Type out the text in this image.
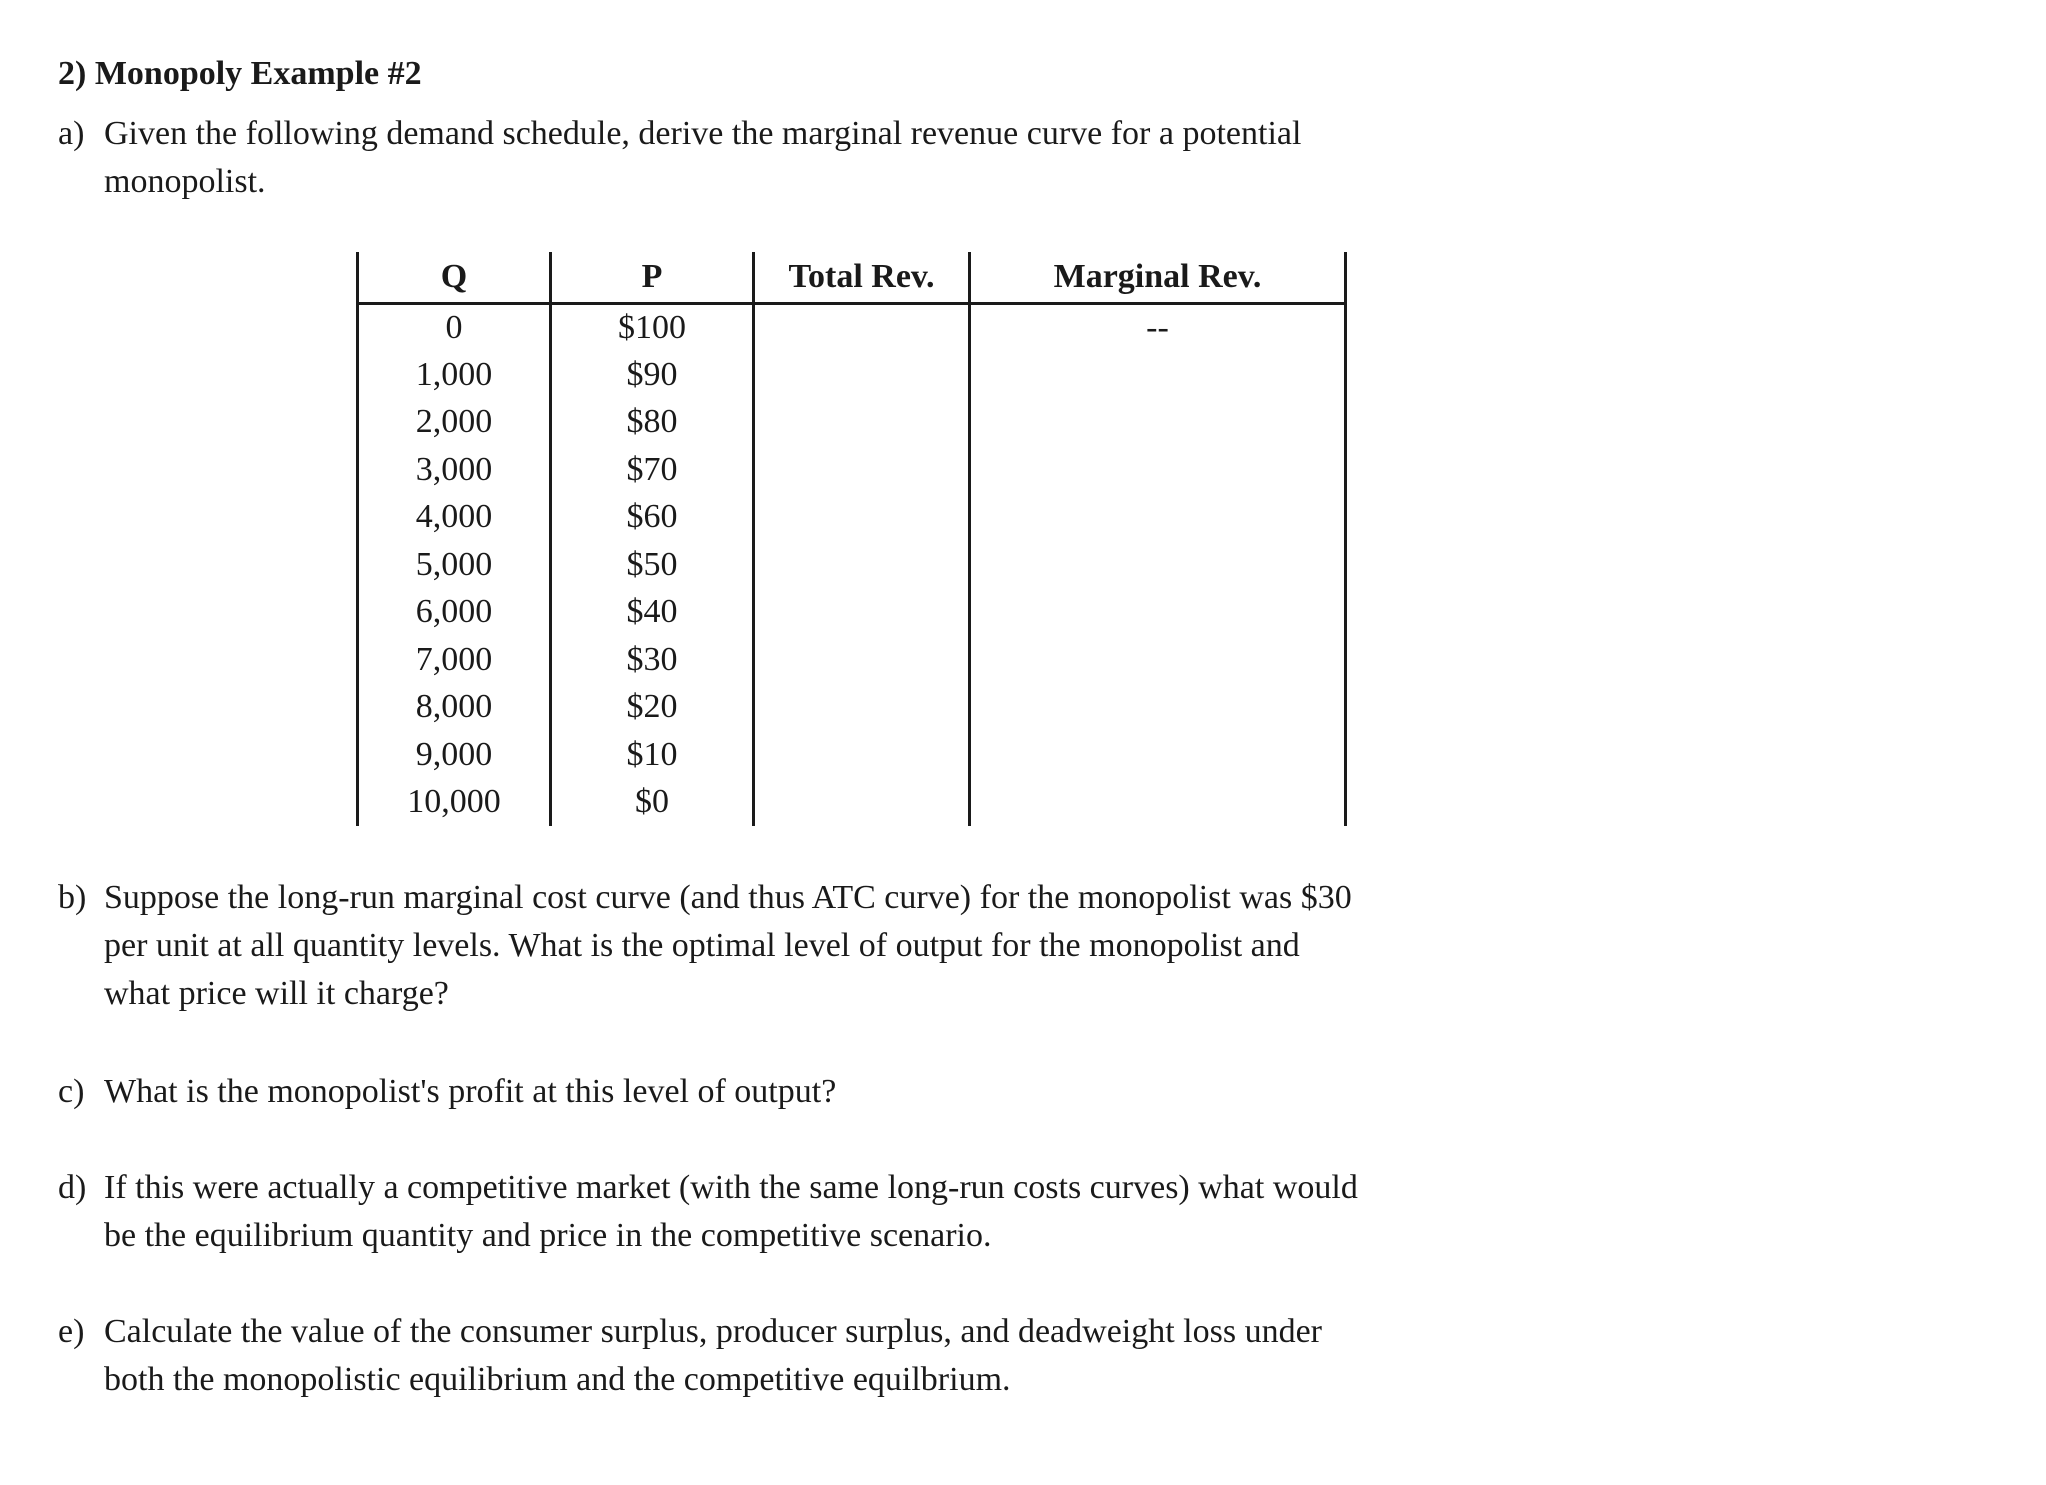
2) Monopoly Example #2
a) Given the following demand schedule, derive the marginal revenue curve for a potential
monopolist.
Q	P	Total Rev.	Marginal Rev.
0	$100		--
1,000	$90		
2,000	$80		
3,000	$70		
4,000	$60		
5,000	$50		
6,000	$40		
7,000	$30		
8,000	$20		
9,000	$10		
10,000	$0		
b) Suppose the long-run marginal cost curve (and thus ATC curve) for the monopolist was $30
per unit at all quantity levels. What is the optimal level of output for the monopolist and
what price will it charge?
c) What is the monopolist's profit at this level of output?
d) If this were actually a competitive market (with the same long-run costs curves) what would
be the equilibrium quantity and price in the competitive scenario.
e) Calculate the value of the consumer surplus, producer surplus, and deadweight loss under
both the monopolistic equilibrium and the competitive equilbrium.
